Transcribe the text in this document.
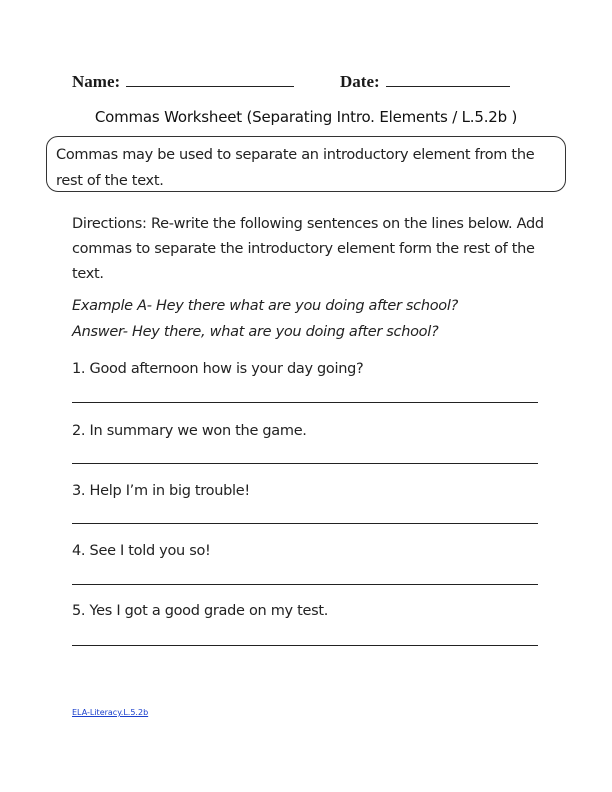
Name:	Date:
Commas Worksheet (Separating Intro. Elements / L.5.2b )
Commas may be used to separate an introductory element from the rest of the text.
Directions: Re-write the following sentences on the lines below. Add commas to separate the introductory element form the rest of the text.
Example A- Hey there what are you doing after school?
Answer- Hey there, what are you doing after school?
1. Good afternoon how is your day going?
2. In summary we won the game.
3. Help I’m in big trouble!
4. See I told you so!
5. Yes I got a good grade on my test.
ELA-Literacy.L.5.2b
